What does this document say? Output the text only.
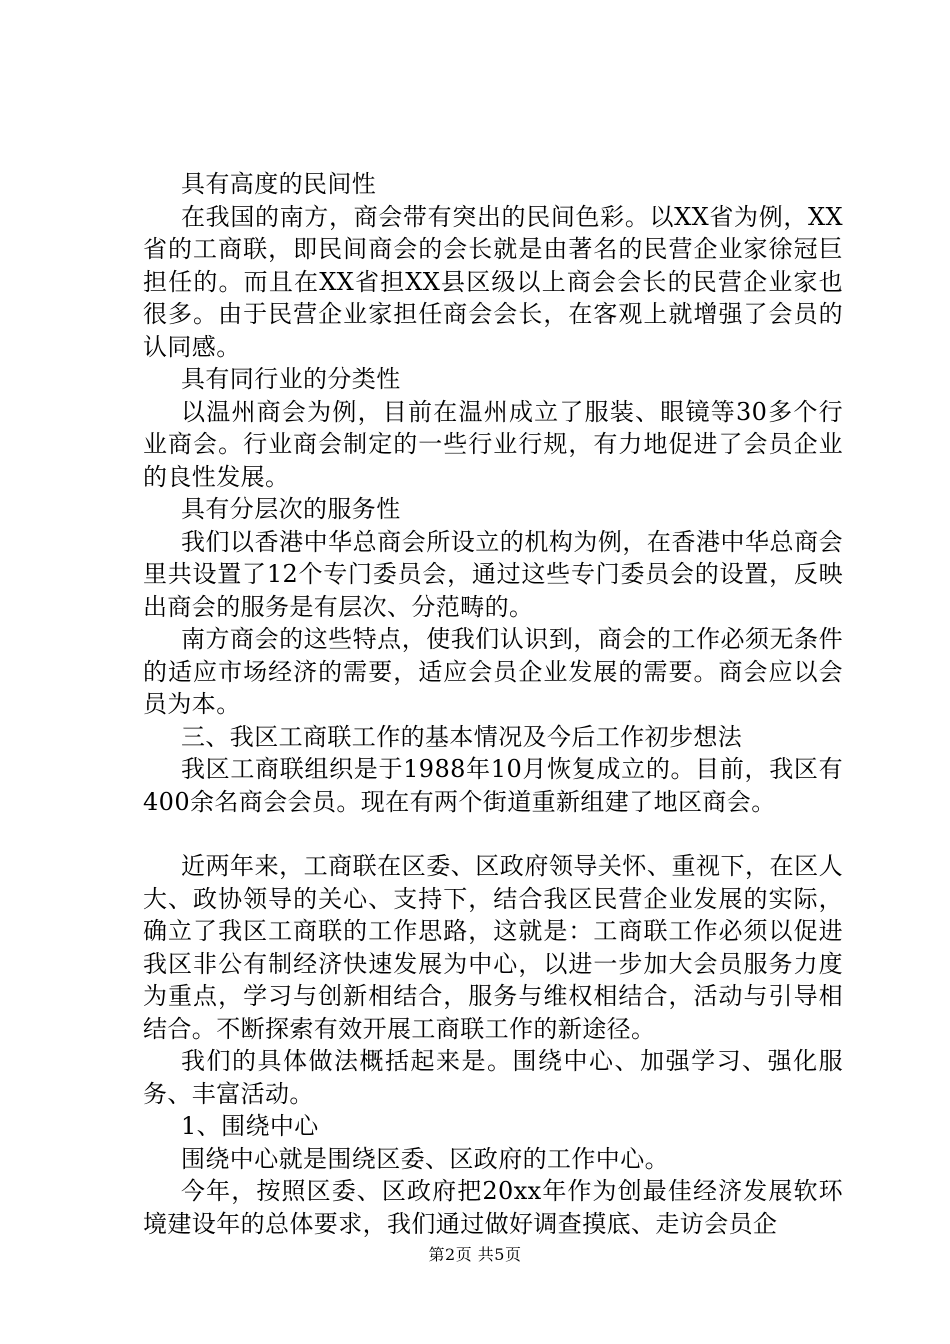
具有高度的民间性

在我国的南方，商会带有突出的民间色彩。以XX省为例，XX省的工商联，即民间商会的会长就是由著名的民营企业家徐冠巨担任的。而且在XX省担XX县区级以上商会会长的民营企业家也很多。由于民营企业家担任商会会长，在客观上就增强了会员的认同感。

具有同行业的分类性

以温州商会为例，目前在温州成立了服装、眼镜等30多个行业商会。行业商会制定的一些行业行规，有力地促进了会员企业的良性发展。

具有分层次的服务性

我们以香港中华总商会所设立的机构为例，在香港中华总商会里共设置了12个专门委员会，通过这些专门委员会的设置，反映出商会的服务是有层次、分范畴的。

南方商会的这些特点，使我们认识到，商会的工作必须无条件的适应市场经济的需要，适应会员企业发展的需要。商会应以会员为本。

三、我区工商联工作的基本情况及今后工作初步想法

我区工商联组织是于1988年10月恢复成立的。目前，我区有400余名商会会员。现在有两个街道重新组建了地区商会。

近两年来，工商联在区委、区政府领导关怀、重视下，在区人大、政协领导的关心、支持下，结合我区民营企业发展的实际，确立了我区工商联的工作思路，这就是：工商联工作必须以促进我区非公有制经济快速发展为中心，以进一步加大会员服务力度为重点，学习与创新相结合，服务与维权相结合，活动与引导相结合。不断探索有效开展工商联工作的新途径。

我们的具体做法概括起来是。围绕中心、加强学习、强化服务、丰富活动。

1、围绕中心

围绕中心就是围绕区委、区政府的工作中心。

今年，按照区委、区政府把20xx年作为创最佳经济发展软环境建设年的总体要求，我们通过做好调查摸底、走访会员企

第2页 共5页
